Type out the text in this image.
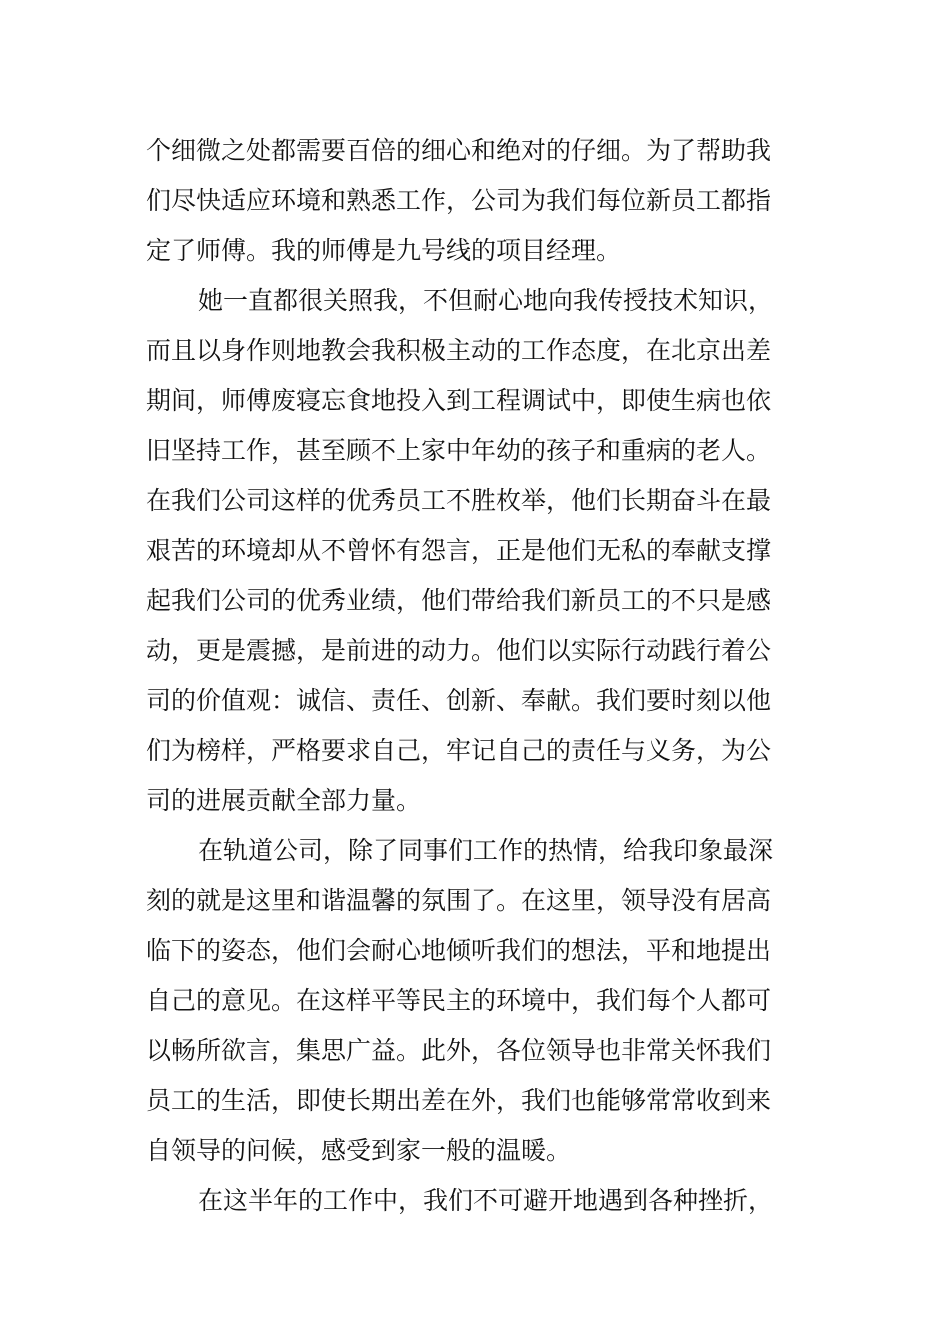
个细微之处都需要百倍的细心和绝对的仔细。为了帮助我
们尽快适应环境和熟悉工作，公司为我们每位新员工都指
定了师傅。我的师傅是九号线的项目经理。
她一直都很关照我，不但耐心地向我传授技术知识，
而且以身作则地教会我积极主动的工作态度，在北京出差
期间，师傅废寝忘食地投入到工程调试中，即使生病也依
旧坚持工作，甚至顾不上家中年幼的孩子和重病的老人。
在我们公司这样的优秀员工不胜枚举，他们长期奋斗在最
艰苦的环境却从不曾怀有怨言，正是他们无私的奉献支撑
起我们公司的优秀业绩，他们带给我们新员工的不只是感
动，更是震撼，是前进的动力。他们以实际行动践行着公
司的价值观：诚信、责任、创新、奉献。我们要时刻以他
们为榜样，严格要求自己，牢记自己的责任与义务，为公
司的进展贡献全部力量。
在轨道公司，除了同事们工作的热情，给我印象最深
刻的就是这里和谐温馨的氛围了。在这里，领导没有居高
临下的姿态，他们会耐心地倾听我们的想法，平和地提出
自己的意见。在这样平等民主的环境中，我们每个人都可
以畅所欲言，集思广益。此外，各位领导也非常关怀我们
员工的生活，即使长期出差在外，我们也能够常常收到来
自领导的问候，感受到家一般的温暖。
在这半年的工作中，我们不可避开地遇到各种挫折，
